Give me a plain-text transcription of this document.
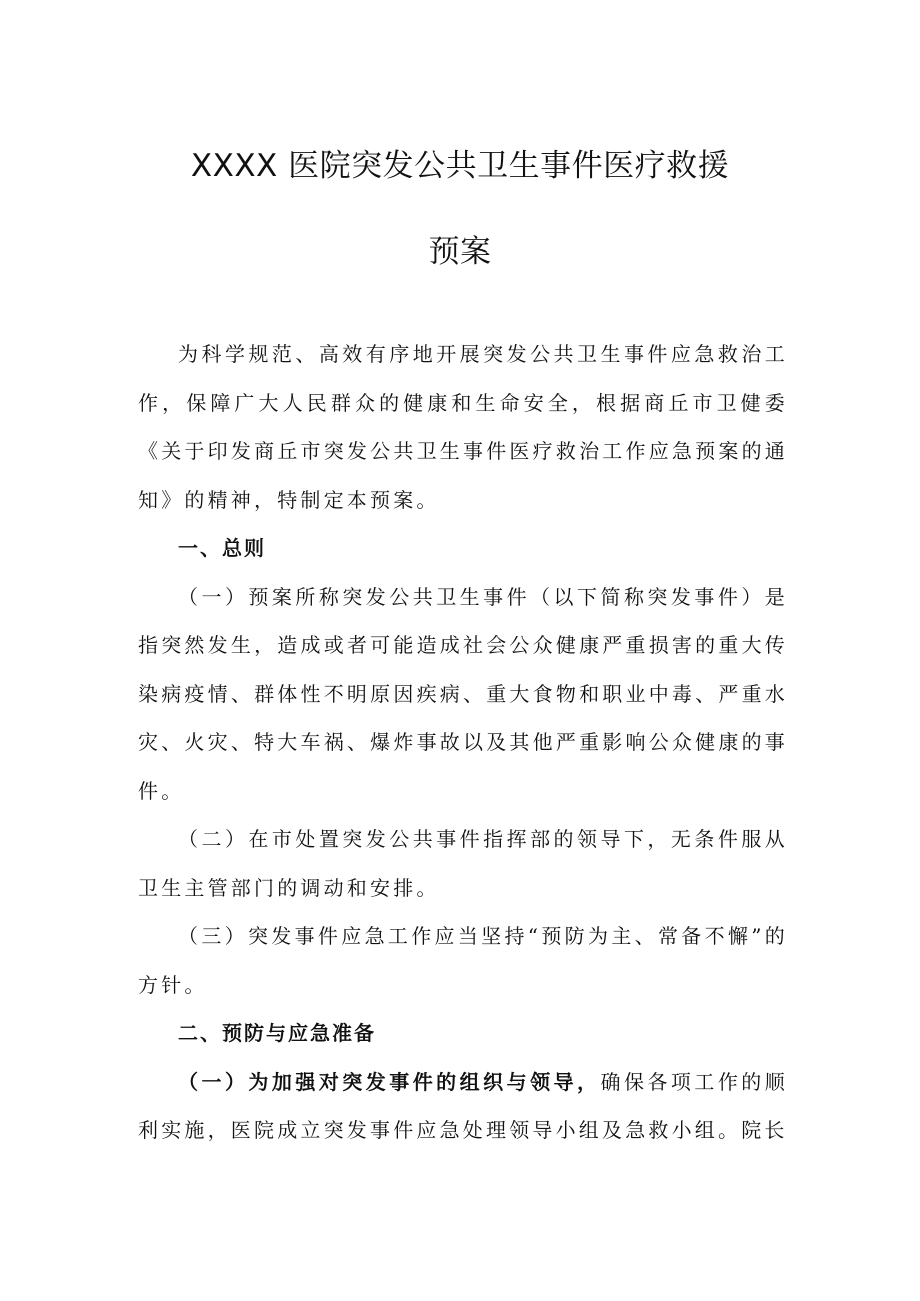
XXXX 医院突发公共卫生事件医疗救援
预案

为科学规范、高效有序地开展突发公共卫生事件应急救治工作，保障广大人民群众的健康和生命安全，根据商丘市卫健委《关于印发商丘市突发公共卫生事件医疗救治工作应急预案的通知》的精神，特制定本预案。

一、总则

（一）预案所称突发公共卫生事件（以下简称突发事件）是指突然发生，造成或者可能造成社会公众健康严重损害的重大传染病疫情、群体性不明原因疾病、重大食物和职业中毒、严重水灾、火灾、特大车祸、爆炸事故以及其他严重影响公众健康的事件。

（二）在市处置突发公共事件指挥部的领导下，无条件服从卫生主管部门的调动和安排。

（三）突发事件应急工作应当坚持“预防为主、常备不懈”的方针。

二、预防与应急准备

（一）为加强对突发事件的组织与领导，确保各项工作的顺利实施，医院成立突发事件应急处理领导小组及急救小组。院长
